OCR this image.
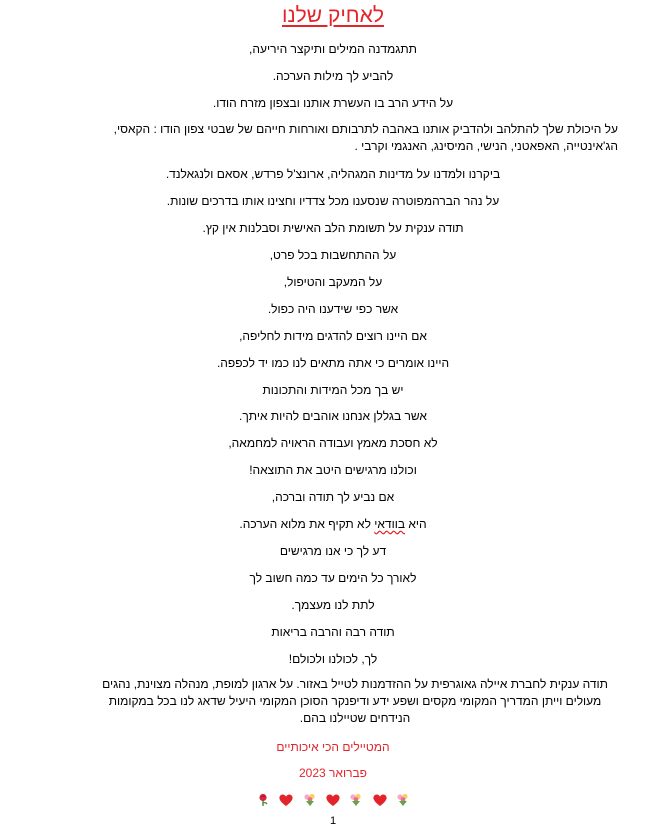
לאחיק שלנו
תתגמדנה המילים ותיקצר היריעה,
להביע לך מילות הערכה.
על הידע הרב בו העשרת אותנו ובצפון מזרח הודו.
על היכולת שלך להתלהב ולהדביק אותנו באהבה לתרבותם ואורחות חייהם של שבטי צפון הודו : הקאסי, הג'אינטייה, האפאטני, הנישי, המיסינג, האנגמי וקרבי .
ביקרנו ולמדנו על מדינות המגהליה, ארונצ'ל פרדש, אסאם ולנגאלנד.
על נהר הברהמפוטרה שנסענו מכל צדדיו וחצינו אותו בדרכים שונות.
תודה ענקית על תשומת הלב האישית וסבלנות אין קץ.
על ההתחשבות בכל פרט,
על המעקב והטיפול,
אשר כפי שידענו היה כפול.
אם היינו רוצים להדגים מידות לחליפה,
היינו אומרים כי אתה מתאים לנו כמו יד לכפפה.
יש בך מכל המידות והתכונות
אשר בגללן אנחנו אוהבים להיות איתך.
לא חסכת מאמץ ועבודה הראויה למחמאה,
וכולנו מרגישים היטב את התוצאה!
אם נביע לך תודה וברכה,
היא בוודאי לא תקיף את מלוא הערכה.
דע לך כי אנו מרגישים
לאורך כל הימים עד כמה חשוב לך
לתת לנו מעצמך.
תודה רבה והרבה בריאות
לך, לכולנו ולכולם!
תודה ענקית לחברת איילה גאוגרפית על ההזדמנות לטייל באזור. על ארגון למופת, מנהלה מצוינת, נהגים מעולים וייתן המדריך המקומי מקסים ושפע ידע ודיפנקר הסוכן המקומי היעיל שדאג לנו בכל במקומות הנידחים שטיילנו בהם.
המטיילים הכי איכותיים
פברואר 2023

1
